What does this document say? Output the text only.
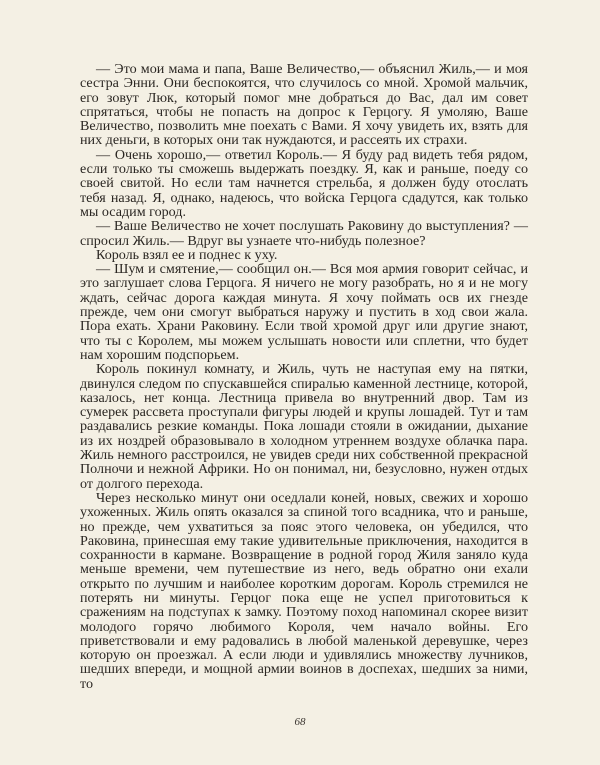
— Это мои мама и папа, Ваше Величество,— объяснил Жиль,— и моя сестра Энни. Они беспокоятся, что случилось со мной. Хромой мальчик, его зовут Люк, который помог мне добраться до Вас, дал им совет спрятаться, чтобы не попасть на допрос к Герцогу. Я умоляю, Ваше Величество, позволить мне поехать с Вами. Я хочу увидеть их, взять для них деньги, в которых они так нуждаются, и рассеять их страхи.

— Очень хорошо,— ответил Король.— Я буду рад видеть тебя рядом, если только ты сможешь выдержать поездку. Я, как и раньше, поеду со своей свитой. Но если там начнется стрельба, я должен буду отослать тебя назад. Я, однако, надеюсь, что войска Герцога сдадутся, как только мы осадим город.

— Ваше Величество не хочет послушать Раковину до выступления? — спросил Жиль.— Вдруг вы узнаете что-нибудь полезное?

Король взял ее и поднес к уху.

— Шум и смятение,— сообщил он.— Вся моя армия говорит сейчас, и это заглушает слова Герцога. Я ничего не могу разобрать, но я и не могу ждать, сейчас дорога каждая минута. Я хочу поймать осв их гнезде прежде, чем они смогут выбраться наружу и пустить в ход свои жала. Пора ехать. Храни Раковину. Если твой хромой друг или другие знают, что ты с Королем, мы можем услышать новости или сплетни, что будет нам хорошим подспорьем.

Король покинул комнату, и Жиль, чуть не наступая ему на пятки, двинулся следом по спускавшейся спиралью каменной лестнице, которой, казалось, нет конца. Лестница привела во внутренний двор. Там из сумерек рассвета проступали фигуры людей и крупы лошадей. Тут и там раздавались резкие команды. Пока лошади стояли в ожидании, дыхание из их ноздрей образовывало в холодном утреннем воздухе облачка пара. Жиль немного расстроился, не увидев среди них собственной прекрасной Полночи и нежной Африки. Но он понимал, ни, безусловно, нужен отдых от долгого перехода.

Через несколько минут они оседлали коней, новых, свежих и хорошо ухоженных. Жиль опять оказался за спиной того всадника, что и раньше, но прежде, чем ухватиться за пояс этого человека, он убедился, что Раковина, принесшая ему такие удивительные приключения, находится в сохранности в кармане. Возвращение в родной город Жиля заняло куда меньше времени, чем путешествие из него, ведь обратно они ехали открыто по лучшим и наиболее коротким дорогам. Король стремился не потерять ни минуты. Герцог пока еще не успел приготовиться к сражениям на подступах к замку. Поэтому поход напоминал скорее визит молодого горячо любимого Короля, чем начало войны. Его приветствовали и ему радовались в любой маленькой деревушке, через которую он проезжал. А если люди и удивлялись множеству лучников, шедших впереди, и мощной армии воинов в доспехах, шедших за ними, то

68
